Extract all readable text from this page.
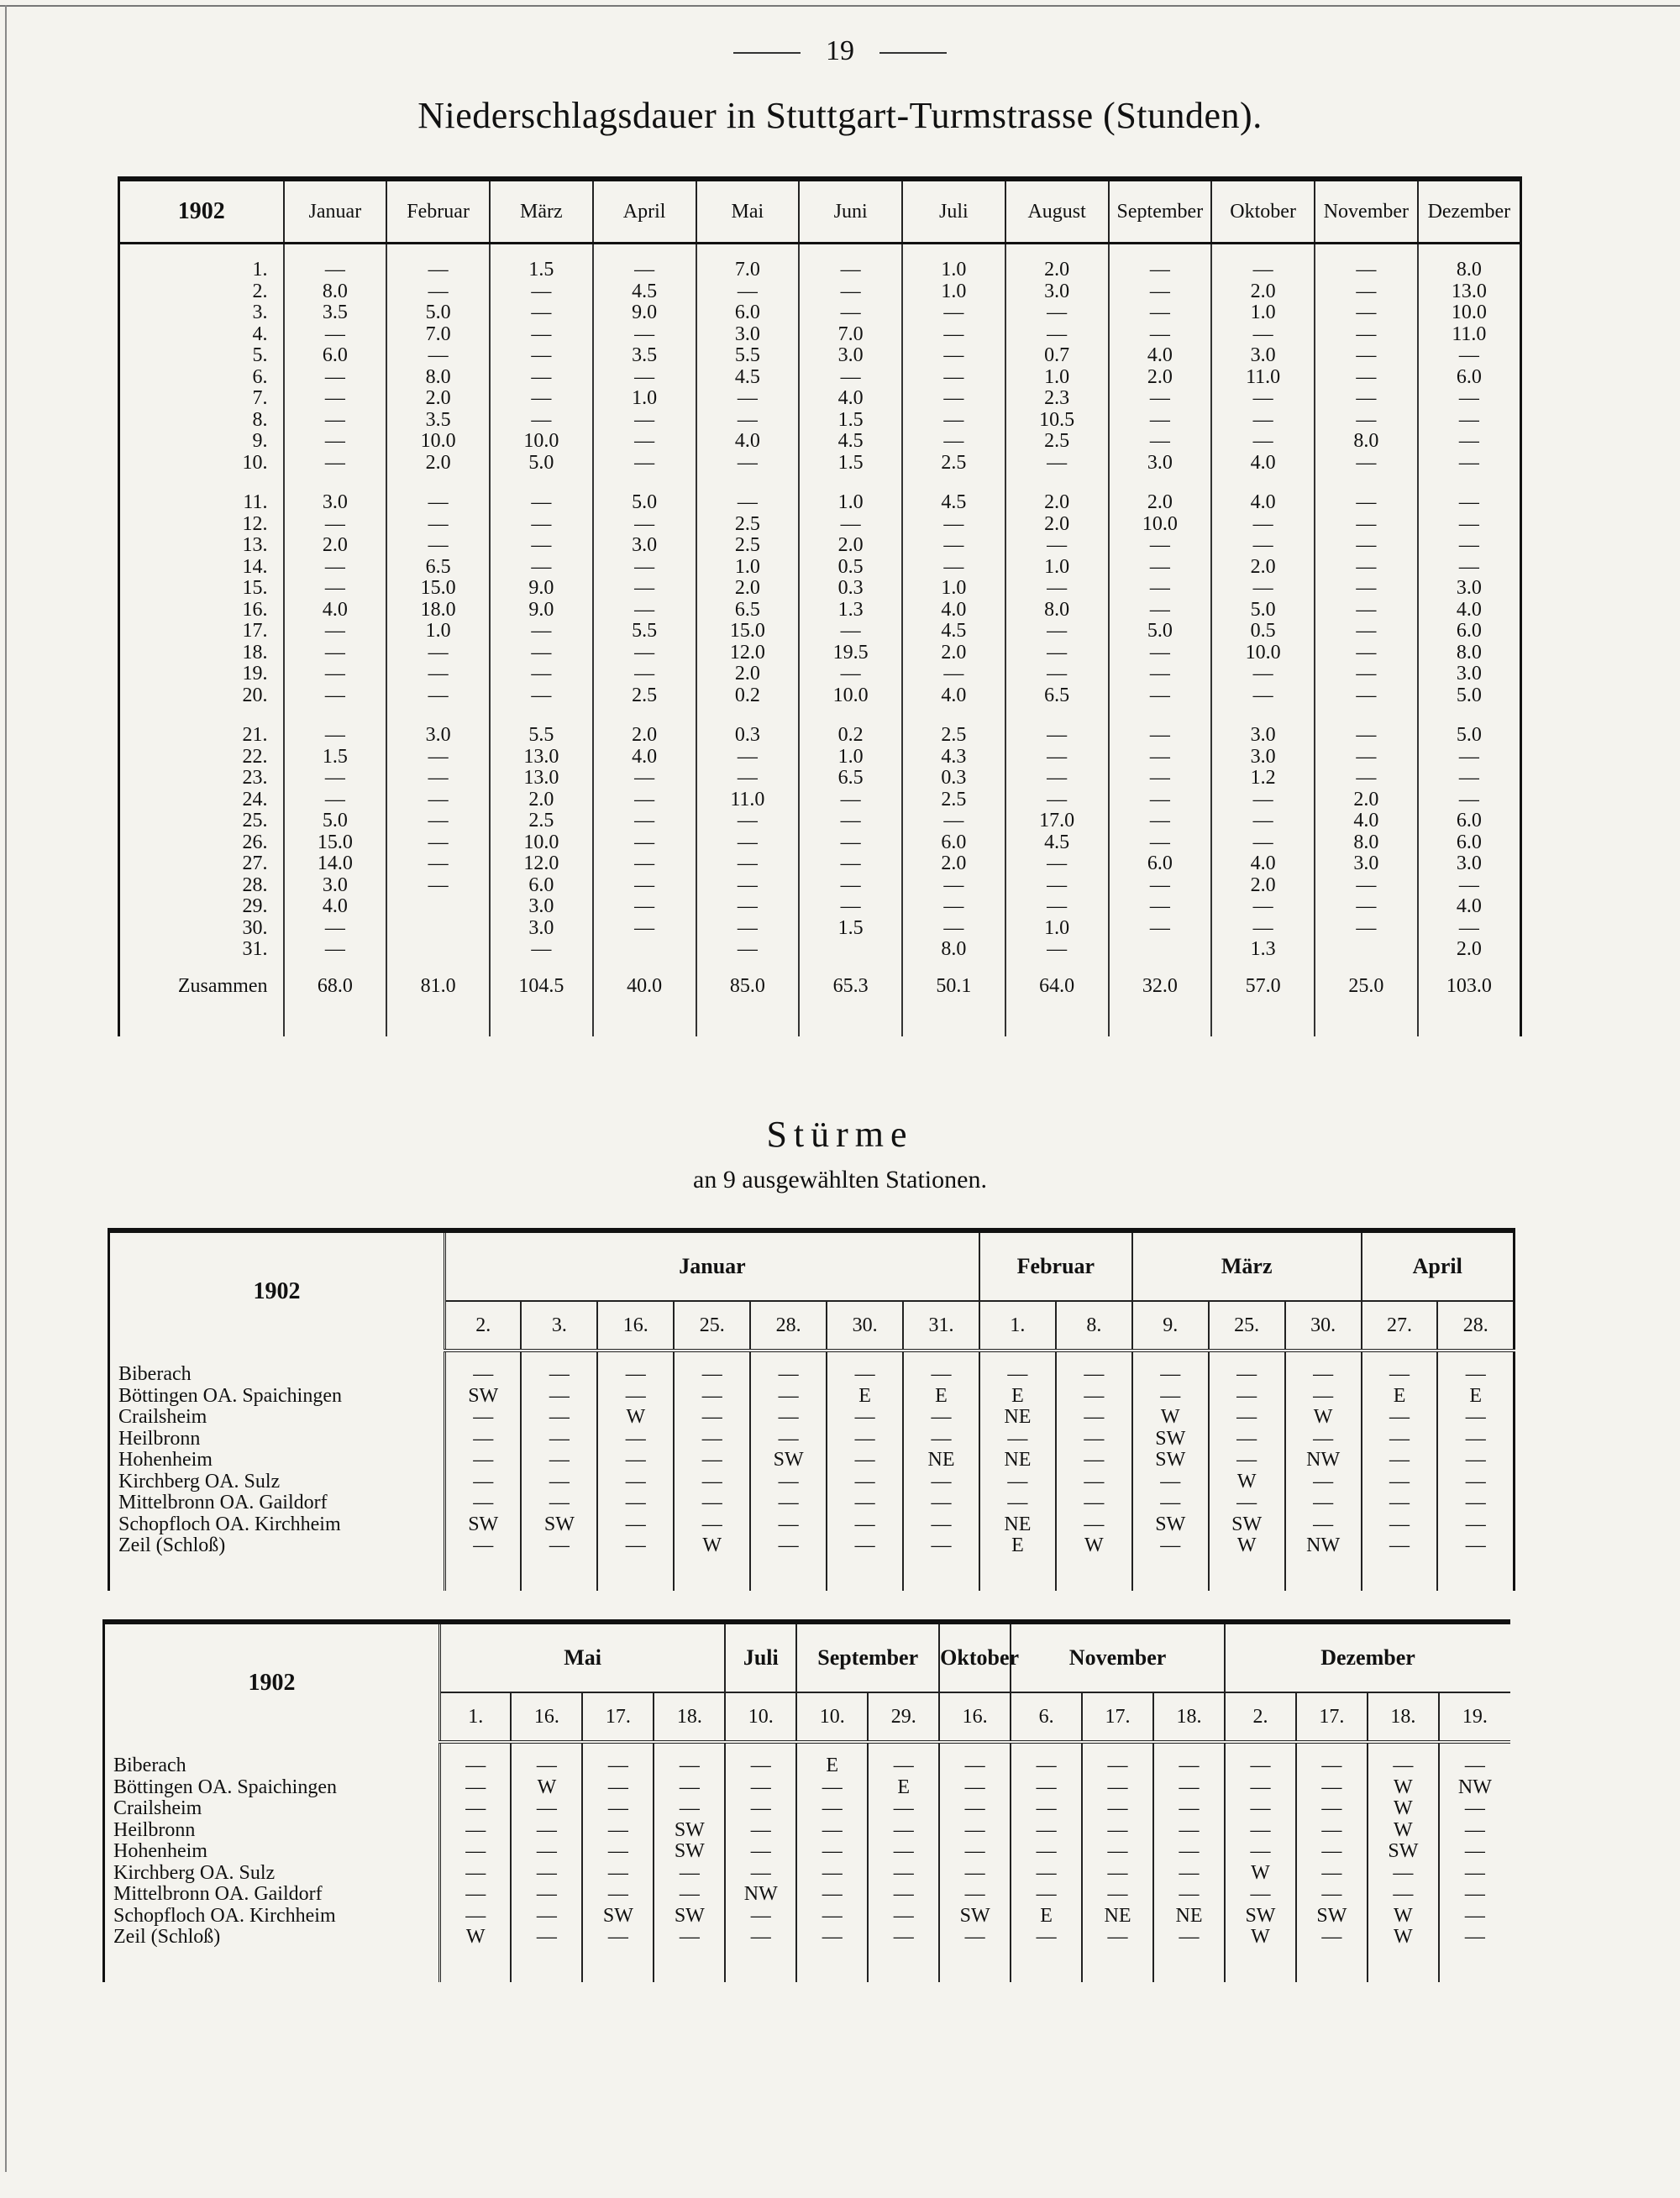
19
Niederschlagsdauer in Stuttgart-Turmstrasse (Stunden).
1902	Januar	Februar	März	April	Mai	Juni	Juli	August	September	Oktober	November	Dezember
1.	—	—	1.5	—	7.0	—	1.0	2.0	—	—	—	8.0
2.	8.0	—	—	4.5	—	—	1.0	3.0	—	2.0	—	13.0
3.	3.5	5.0	—	9.0	6.0	—	—	—	—	1.0	—	10.0
4.	—	7.0	—	—	3.0	7.0	—	—	—	—	—	11.0
5.	6.0	—	—	3.5	5.5	3.0	—	0.7	4.0	3.0	—	—
6.	—	8.0	—	—	4.5	—	—	1.0	2.0	11.0	—	6.0
7.	—	2.0	—	1.0	—	4.0	—	2.3	—	—	—	—
8.	—	3.5	—	—	—	1.5	—	10.5	—	—	—	—
9.	—	10.0	10.0	—	4.0	4.5	—	2.5	—	—	8.0	—
10.	—	2.0	5.0	—	—	1.5	2.5	—	3.0	4.0	—	—

11.	3.0	—	—	5.0	—	1.0	4.5	2.0	2.0	4.0	—	—
12.	—	—	—	—	2.5	—	—	2.0	10.0	—	—	—
13.	2.0	—	—	3.0	2.5	2.0	—	—	—	—	—	—
14.	—	6.5	—	—	1.0	0.5	—	1.0	—	2.0	—	—
15.	—	15.0	9.0	—	2.0	0.3	1.0	—	—	—	—	3.0
16.	4.0	18.0	9.0	—	6.5	1.3	4.0	8.0	—	5.0	—	4.0
17.	—	1.0	—	5.5	15.0	—	4.5	—	5.0	0.5	—	6.0
18.	—	—	—	—	12.0	19.5	2.0	—	—	10.0	—	8.0
19.	—	—	—	—	2.0	—	—	—	—	—	—	3.0
20.	—	—	—	2.5	0.2	10.0	4.0	6.5	—	—	—	5.0

21.	—	3.0	5.5	2.0	0.3	0.2	2.5	—	—	3.0	—	5.0
22.	1.5	—	13.0	4.0	—	1.0	4.3	—	—	3.0	—	—
23.	—	—	13.0	—	—	6.5	0.3	—	—	1.2	—	—
24.	—	—	2.0	—	11.0	—	2.5	—	—	—	2.0	—
25.	5.0	—	2.5	—	—	—	—	17.0	—	—	4.0	6.0
26.	15.0	—	10.0	—	—	—	6.0	4.5	—	—	8.0	6.0
27.	14.0	—	12.0	—	—	—	2.0	—	6.0	4.0	3.0	3.0
28.	3.0	—	6.0	—	—	—	—	—	—	2.0	—	—
29.	4.0		3.0	—	—	—	—	—	—	—	—	4.0
30.	—		3.0	—	—	1.5	—	1.0	—	—	—	—
31.	—		—		—		8.0	—		1.3		2.0
Zusammen	68.0	81.0	104.5	40.0	85.0	65.3	50.1	64.0	32.0	57.0	25.0	103.0

Stürme
an 9 ausgewählten Stationen.
1902	Januar							Februar		März			April	
	2.	3.	16.	25.	28.	30.	31.	1.	8.	9.	25.	30.	27.	28.

Biberach	—	—	—	—	—	—	—	—	—	—	—	—	—	—
Böttingen OA. Spaichingen	SW	—	—	—	—	E	E	E	—	—	—	—	E	E
Crailsheim	—	—	W	—	—	—	—	NE	—	W	—	W	—	—
Heilbronn	—	—	—	—	—	—	—	—	—	SW	—	—	—	—
Hohenheim	—	—	—	—	SW	—	NE	NE	—	SW	—	NW	—	—
Kirchberg OA. Sulz	—	—	—	—	—	—	—	—	—	—	W	—	—	—
Mittelbronn OA. Gaildorf	—	—	—	—	—	—	—	—	—	—	—	—	—	—
Schopfloch OA. Kirchheim	SW	SW	—	—	—	—	—	NE	—	SW	SW	—	—	—
Zeil (Schloß)	—	—	—	W	—	—	—	E	W	—	W	NW	—	—

1902	Mai				Juli	September		Oktober	November			Dezember			
	1.	16.	17.	18.	10.	10.	29.	16.	6.	17.	18.	2.	17.	18.	19.

Biberach	—	—	—	—	—	E	—	—	—	—	—	—	—	—	—
Böttingen OA. Spaichingen	—	W	—	—	—	—	E	—	—	—	—	—	—	W	NW
Crailsheim	—	—	—	—	—	—	—	—	—	—	—	—	—	W	—
Heilbronn	—	—	—	SW	—	—	—	—	—	—	—	—	—	W	—
Hohenheim	—	—	—	SW	—	—	—	—	—	—	—	—	—	SW	—
Kirchberg OA. Sulz	—	—	—	—	—	—	—	—	—	—	—	W	—	—	—
Mittelbronn OA. Gaildorf	—	—	—	—	NW	—	—	—	—	—	—	—	—	—	—
Schopfloch OA. Kirchheim	—	—	SW	SW	—	—	—	SW	E	NE	NE	SW	SW	W	—
Zeil (Schloß)	W	—	—	—	—	—	—	—	—	—	—	W	—	W	—
